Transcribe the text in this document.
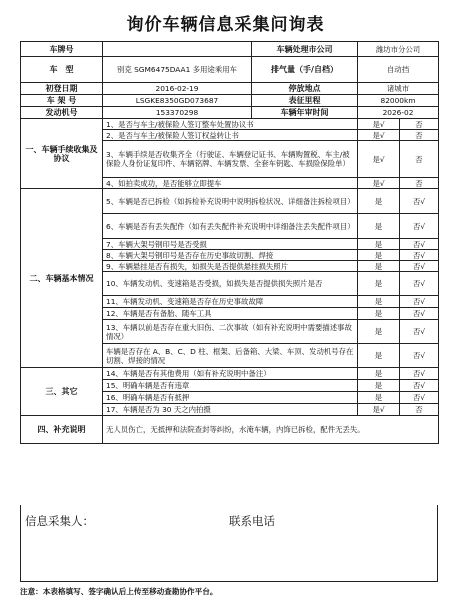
询价车辆信息采集问询表
车牌号		车辆处理市公司	潍坊市分公司	
车　型	别克 SGM6475DAA1 多用途乘用车	排气量（手/自档）	自动挡	
初登日期	2016-02-19	停放地点	诸城市	
车 架 号	LSGKE8350GD073687	表征里程	82000km	
发动机号	153370298	车辆年审时间	2026-02	
一、车辆手续收集及协议	1、是否与车主/被保险人签订整车处置协议书		是√	否
	2、是否与车主/被保险人签订权益转让书		是√	否
	3、车辆手续是否收集齐全（行驶证、车辆登记证书、车辆购置税、车主/被保险人身份证复印件、车辆铭牌、车辆发票、全套车钥匙、车损险保险单）		是√	否
	4、如拍卖成功，是否能够立即提车		是√	否
二、车辆基本情况	5、车辆是否已拆检（如拆检补充说明中说明拆检状况、详细备注拆检项目）		是	否√
	6、车辆是否有丢失配件（如有丢失配件补充说明中详细备注丢失配件项目）		是	否√
	7、车辆大架号钢印号是否受损		是	否√
	8、车辆大架号钢印号是否存在历史事故切割、焊接		是	否√
	9、车辆悬挂是否有损失，如损失是否提供悬挂损失照片		是	否√
	10、车辆发动机、变速箱是否受损，如损失是否提供损失照片是否		是	否√
	11、车辆发动机、变速箱是否存在历史事故故障		是	否√
	12、车辆是否有备胎、随车工具		是	否√
	13、车辆以前是否存在重大旧伤、二次事故（如有补充说明中需要描述事故情况）		是	否√
	车辆是否存在 A、B、C、D 柱、框架、后备箱、大梁、车顶、发动机号存在切割、焊接的情况		是	否√
三、其它	14、车辆是否有其他费用（如有补充说明中备注）		是	否√
	15、明确车辆是否有违章		是	否√
	16、明确车辆是否有抵押		是	否√
	17、车辆是否为 30 天之内拍摄		是√	否
四、补充说明	无人员伤亡，无抵押和法院查封等纠纷，水淹车辆，内饰已拆检，配件无丢失。			
信息采集人：	联系电话
注意：本表格填写、签字确认后上传至移动查勘协作平台。
